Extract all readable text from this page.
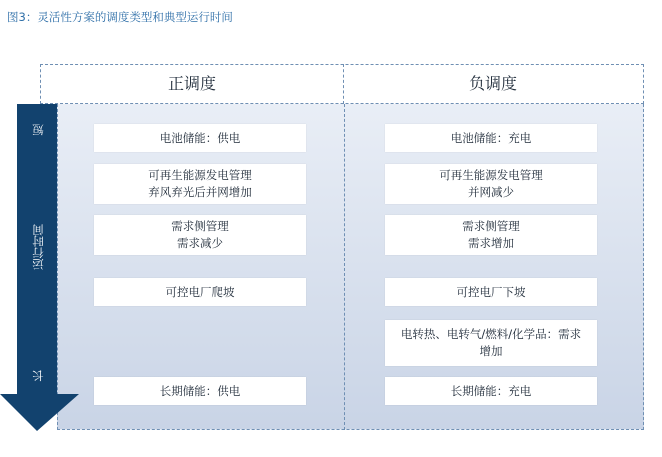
图3：灵活性方案的调度类型和典型运行时间
正调度	负调度
短
运行时间
长
电池储能：供电
可再生能源发电管理
弃风弃光后并网增加
需求侧管理
需求减少
可控电厂爬坡
长期储能：供电
电池储能：充电
可再生能源发电管理
并网减少
需求侧管理
需求增加
可控电厂下坡
电转热、电转气/燃料/化学品：需求
增加
长期储能：充电
